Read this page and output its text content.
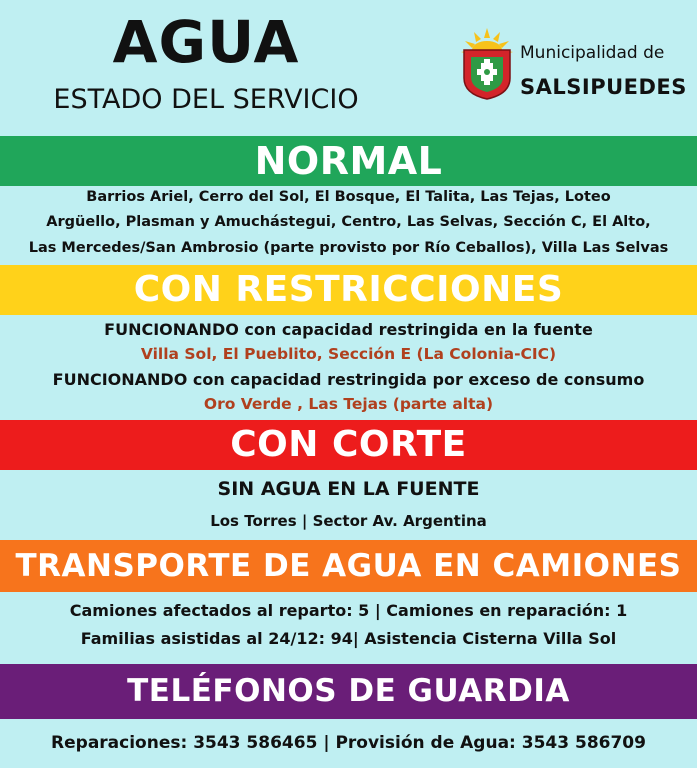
AGUA
ESTADO DEL SERVICIO
Municipalidad de
SALSIPUEDES
NORMAL
Barrios Ariel, Cerro del Sol, El Bosque, El Talita, Las Tejas, Loteo
Argüello, Plasman y Amuchástegui, Centro, Las Selvas, Sección C, El Alto,
Las Mercedes/San Ambrosio (parte provisto por Río Ceballos), Villa Las Selvas
CON RESTRICCIONES
FUNCIONANDO con capacidad restringida en la fuente
Villa Sol, El Pueblito, Sección E (La Colonia-CIC)
FUNCIONANDO con capacidad restringida por exceso de consumo
Oro Verde , Las Tejas (parte alta)
CON CORTE
SIN AGUA EN LA FUENTE
Los Torres | Sector Av. Argentina
TRANSPORTE DE AGUA EN CAMIONES
Camiones afectados al reparto: 5 | Camiones en reparación: 1
Familias asistidas al 24/12: 94| Asistencia Cisterna Villa Sol
TELÉFONOS DE GUARDIA
Reparaciones: 3543 586465 | Provisión de Agua: 3543 586709
